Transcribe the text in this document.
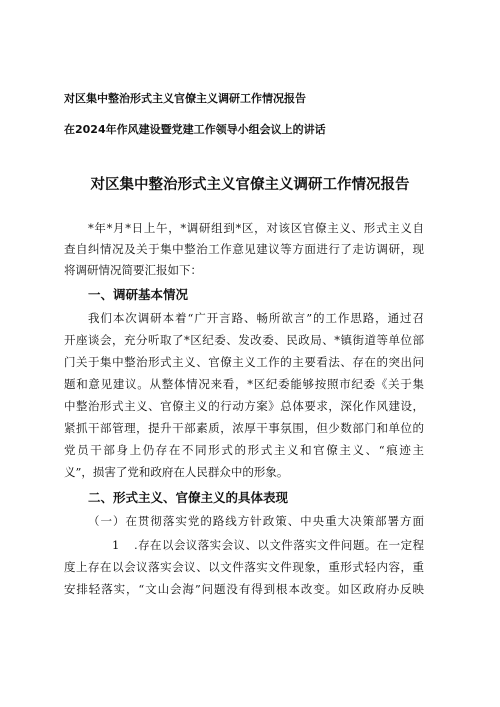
对区集中整治形式主义官僚主义调研工作情况报告
在2024年作风建设暨党建工作领导小组会议上的讲话
对区集中整治形式主义官僚主义调研工作情况报告
*年*月*日上午，*调研组到*区，对该区官僚主义、形式主义自
查自纠情况及关于集中整治工作意见建议等方面进行了走访调研，现
将调研情况简要汇报如下：
一、调研基本情况
我们本次调研本着“广开言路、畅所欲言”的工作思路，通过召
开座谈会，充分听取了*区纪委、发改委、民政局、*镇街道等单位部
门关于集中整治形式主义、官僚主义工作的主要看法、存在的突出问
题和意见建议。从整体情况来看，*区纪委能够按照市纪委《关于集
中整治形式主义、官僚主义的行动方案》总体要求，深化作风建设，
紧抓干部管理，提升干部素质，浓厚干事氛围，但少数部门和单位的
党员干部身上仍存在不同形式的形式主义和官僚主义、“痕迹主
义”，损害了党和政府在人民群众中的形象。
二、形式主义、官僚主义的具体表现
（一）在贯彻落实党的路线方针政策、中央重大决策部署方面
1 .存在以会议落实会议、以文件落实文件问题。在一定程
度上存在以会议落实会议、以文件落实文件现象，重形式轻内容，重
安排轻落实，“文山会海”问题没有得到根本改变。如区政府办反映
